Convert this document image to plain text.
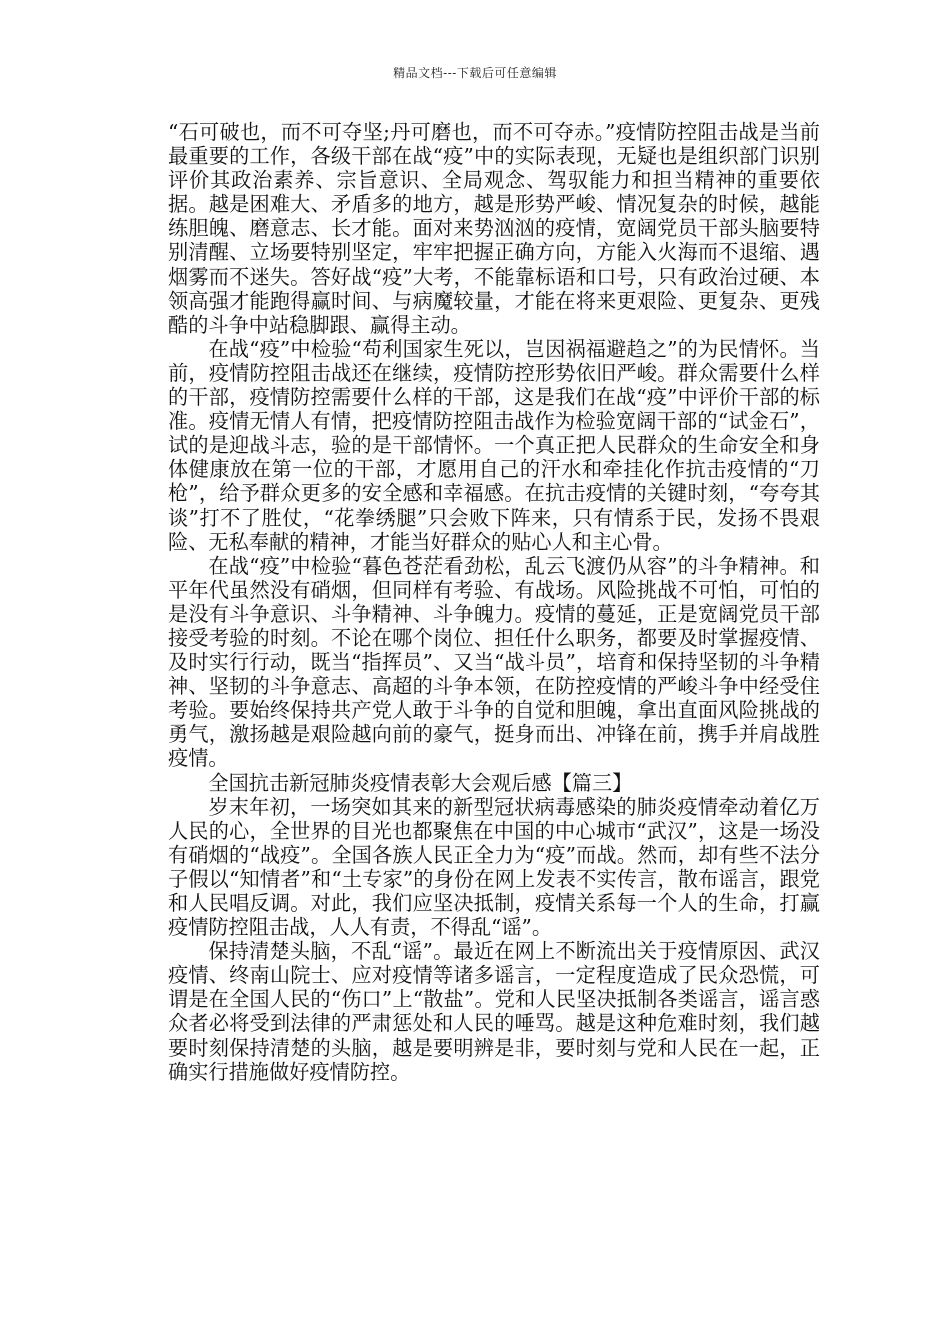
精品文档---下载后可任意编辑

“石可破也，而不可夺坚;丹可磨也，而不可夺赤。”疫情防控阻击战是当前最重要的工作，各级干部在战“疫”中的实际表现，无疑也是组织部门识别评价其政治素养、宗旨意识、全局观念、驾驭能力和担当精神的重要依据。越是困难大、矛盾多的地方，越是形势严峻、情况复杂的时候，越能练胆魄、磨意志、长才能。面对来势汹汹的疫情，宽阔党员干部头脑要特别清醒、立场要特别坚定，牢牢把握正确方向，方能入火海而不退缩、遇烟雾而不迷失。答好战“疫”大考，不能靠标语和口号，只有政治过硬、本领高强才能跑得赢时间、与病魔较量，才能在将来更艰险、更复杂、更残酷的斗争中站稳脚跟、赢得主动。

在战“疫”中检验“苟利国家生死以，岂因祸福避趋之”的为民情怀。当前，疫情防控阻击战还在继续，疫情防控形势依旧严峻。群众需要什么样的干部，疫情防控需要什么样的干部，这是我们在战“疫”中评价干部的标准。疫情无情人有情，把疫情防控阻击战作为检验宽阔干部的“试金石”，试的是迎战斗志，验的是干部情怀。一个真正把人民群众的生命安全和身体健康放在第一位的干部，才愿用自己的汗水和牵挂化作抗击疫情的“刀枪”，给予群众更多的安全感和幸福感。在抗击疫情的关键时刻，“夸夸其谈”打不了胜仗，“花拳绣腿”只会败下阵来，只有情系于民，发扬不畏艰险、无私奉献的精神，才能当好群众的贴心人和主心骨。

在战“疫”中检验“暮色苍茫看劲松，乱云飞渡仍从容”的斗争精神。和平年代虽然没有硝烟，但同样有考验、有战场。风险挑战不可怕，可怕的是没有斗争意识、斗争精神、斗争魄力。疫情的蔓延，正是宽阔党员干部接受考验的时刻。不论在哪个岗位、担任什么职务，都要及时掌握疫情、及时实行行动，既当“指挥员”、又当“战斗员”，培育和保持坚韧的斗争精神、坚韧的斗争意志、高超的斗争本领，在防控疫情的严峻斗争中经受住考验。要始终保持共产党人敢于斗争的自觉和胆魄，拿出直面风险挑战的勇气，激扬越是艰险越向前的豪气，挺身而出、冲锋在前，携手并肩战胜疫情。

全国抗击新冠肺炎疫情表彰大会观后感【篇三】

岁末年初，一场突如其来的新型冠状病毒感染的肺炎疫情牵动着亿万人民的心，全世界的目光也都聚焦在中国的中心城市“武汉”，这是一场没有硝烟的“战疫”。全国各族人民正全力为“疫”而战。然而，却有些不法分子假以“知情者”和“土专家”的身份在网上发表不实传言，散布谣言，跟党和人民唱反调。对此，我们应坚决抵制，疫情关系每一个人的生命，打赢疫情防控阻击战，人人有责，不得乱“谣”。

保持清楚头脑，不乱“谣”。最近在网上不断流出关于疫情原因、武汉疫情、终南山院士、应对疫情等诸多谣言，一定程度造成了民众恐慌，可谓是在全国人民的“伤口”上“散盐”。党和人民坚决抵制各类谣言，谣言惑众者必将受到法律的严肃惩处和人民的唾骂。越是这种危难时刻，我们越要时刻保持清楚的头脑，越是要明辨是非，要时刻与党和人民在一起，正确实行措施做好疫情防控。
